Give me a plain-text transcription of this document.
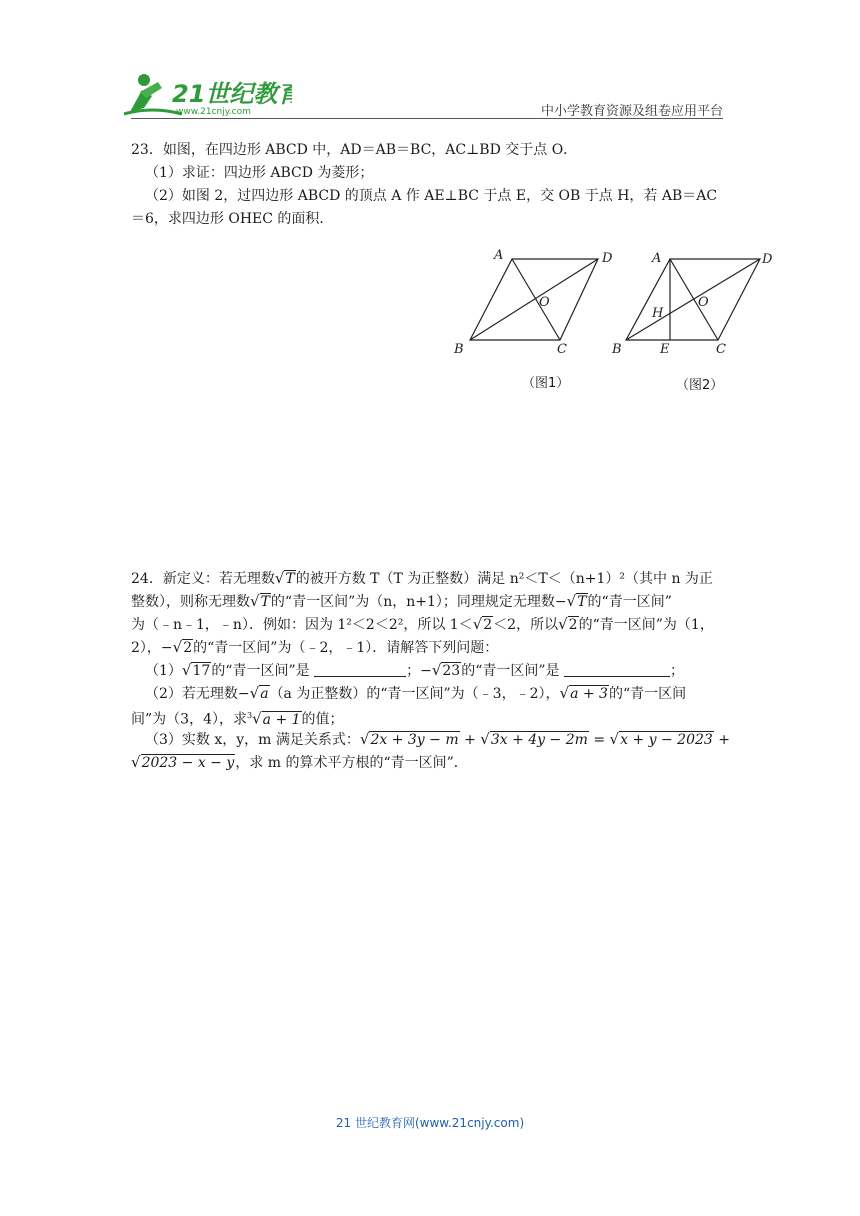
21世纪教育
www.21cnjy.com	中小学教育资源及组卷应用平台

23．如图，在四边形 ABCD 中，AD＝AB＝BC，AC⊥BD 交于点 O．

（1）求证：四边形 ABCD 为菱形；

（2）如图 2，过四边形 ABCD 的顶点 A 作 AE⊥BC 于点 E，交 OB 于点 H，若 AB＝AC

＝6，求四边形 OHEC 的面积．

A	D
B	C
O
（图1）
A	D
B	E	C
H
O
（图2）

24．新定义：若无理数√T的被开方数 T（T 为正整数）满足 n²＜T＜（n+1）²（其中 n 为正

整数），则称无理数√T的“青一区间”为（n，n+1）；同理规定无理数−√T的“青一区间”

为（﹣n﹣1，﹣n）．例如：因为 1²＜2＜2²，所以 1＜√2＜2，所以√2的“青一区间”为（1，

2），−√2的“青一区间”为（﹣2，﹣1）．请解答下列问题：

（1）√17的“青一区间”是	；−√23的“青一区间”是	；

（2）若无理数−√a（a 为正整数）的“青一区间”为（﹣3，﹣2），√a + 3的“青一区间

间”为（3，4），求$^3$√a + 1的值；

（3）实数 x，y，m 满足关系式：√2x + 3y − m + √3x + 4y − 2m = √x + y − 2023 +

√2023 − x − y，求 m 的算术平方根的“青一区间”．

21 世纪教育网(www.21cnjy.com)
